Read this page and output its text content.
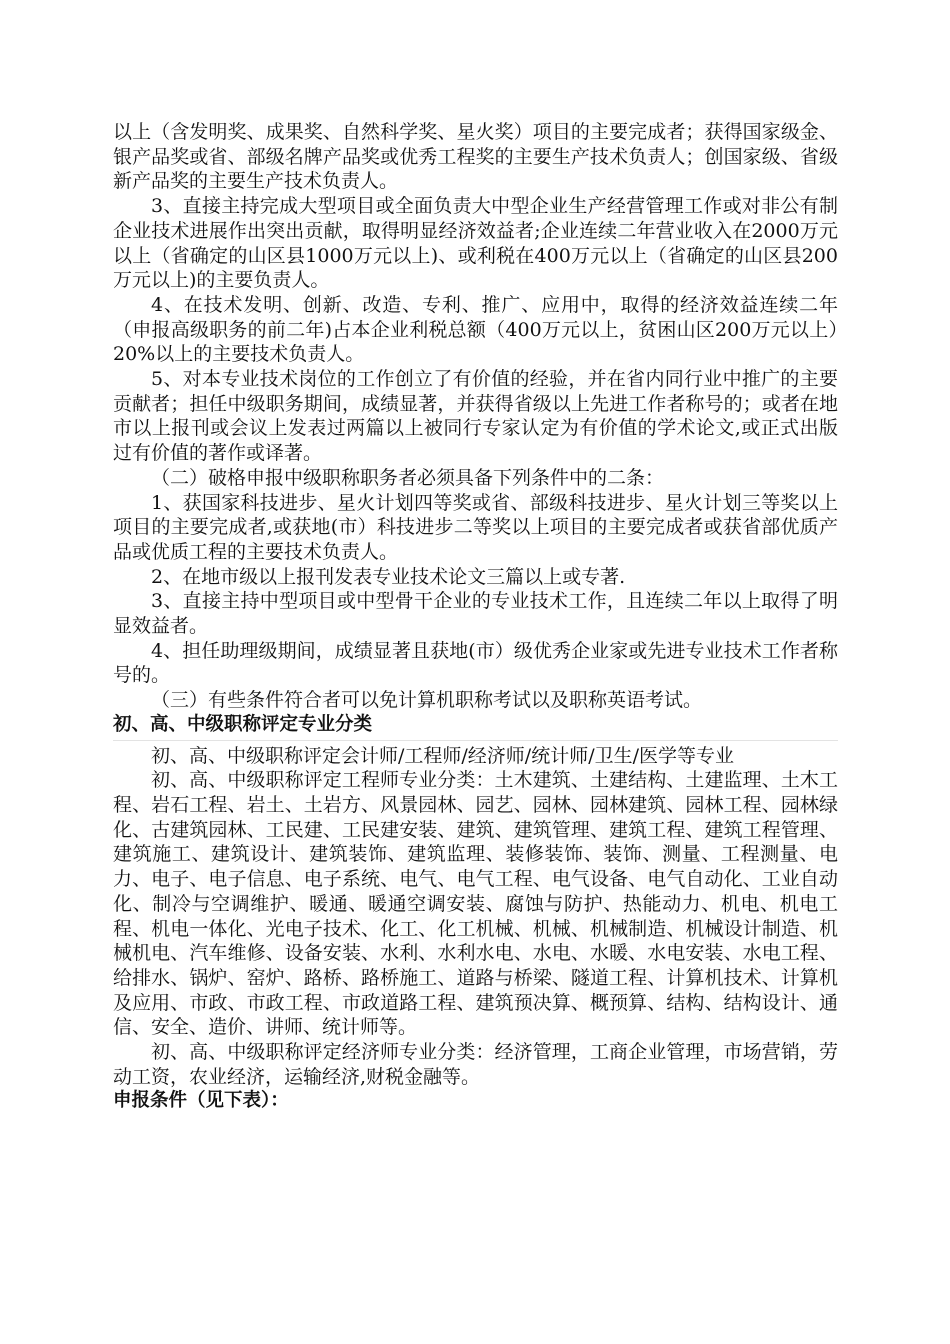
以上（含发明奖、成果奖、自然科学奖、星火奖）项目的主要完成者；获得国家级金、银产品奖或省、部级名牌产品奖或优秀工程奖的主要生产技术负责人；创国家级、省级新产品奖的主要生产技术负责人。

3、直接主持完成大型项目或全面负责大中型企业生产经营管理工作或对非公有制企业技术进展作出突出贡献，取得明显经济效益者;企业连续二年营业收入在2000万元以上（省确定的山区县1000万元以上)、或利税在400万元以上（省确定的山区县200万元以上)的主要负责人。

4、在技术发明、创新、改造、专利、推广、应用中，取得的经济效益连续二年（申报高级职务的前二年)占本企业利税总额（400万元以上，贫困山区200万元以上）20%以上的主要技术负责人。

5、对本专业技术岗位的工作创立了有价值的经验，并在省内同行业中推广的主要贡献者；担任中级职务期间，成绩显著，并获得省级以上先进工作者称号的；或者在地市以上报刊或会议上发表过两篇以上被同行专家认定为有价值的学术论文,或正式出版过有价值的著作或译著。

（二）破格申报中级职称职务者必须具备下列条件中的二条：

1、获国家科技进步、星火计划四等奖或省、部级科技进步、星火计划三等奖以上项目的主要完成者,或获地(市）科技进步二等奖以上项目的主要完成者或获省部优质产品或优质工程的主要技术负责人。

2、在地市级以上报刊发表专业技术论文三篇以上或专著.

3、直接主持中型项目或中型骨干企业的专业技术工作，且连续二年以上取得了明显效益者。

4、担任助理级期间，成绩显著且获地(市）级优秀企业家或先进专业技术工作者称号的。

（三）有些条件符合者可以免计算机职称考试以及职称英语考试。

初、高、中级职称评定专业分类

初、高、中级职称评定会计师/工程师/经济师/统计师/卫生/医学等专业

初、高、中级职称评定工程师专业分类：土木建筑、土建结构、土建监理、土木工程、岩石工程、岩土、土岩方、风景园林、园艺、园林、园林建筑、园林工程、园林绿化、古建筑园林、工民建、工民建安装、建筑、建筑管理、建筑工程、建筑工程管理、建筑施工、建筑设计、建筑装饰、建筑监理、装修装饰、装饰、测量、工程测量、电力、电子、电子信息、电子系统、电气、电气工程、电气设备、电气自动化、工业自动化、制冷与空调维护、暖通、暖通空调安装、腐蚀与防护、热能动力、机电、机电工程、机电一体化、光电子技术、化工、化工机械、机械、机械制造、机械设计制造、机械机电、汽车维修、设备安装、水利、水利水电、水电、水暖、水电安装、水电工程、给排水、锅炉、窑炉、路桥、路桥施工、道路与桥梁、隧道工程、计算机技术、计算机及应用、市政、市政工程、市政道路工程、建筑预决算、概预算、结构、结构设计、通信、安全、造价、讲师、统计师等。

初、高、中级职称评定经济师专业分类：经济管理，工商企业管理，市场营销，劳动工资，农业经济，运输经济,财税金融等。

申报条件（见下表）：
